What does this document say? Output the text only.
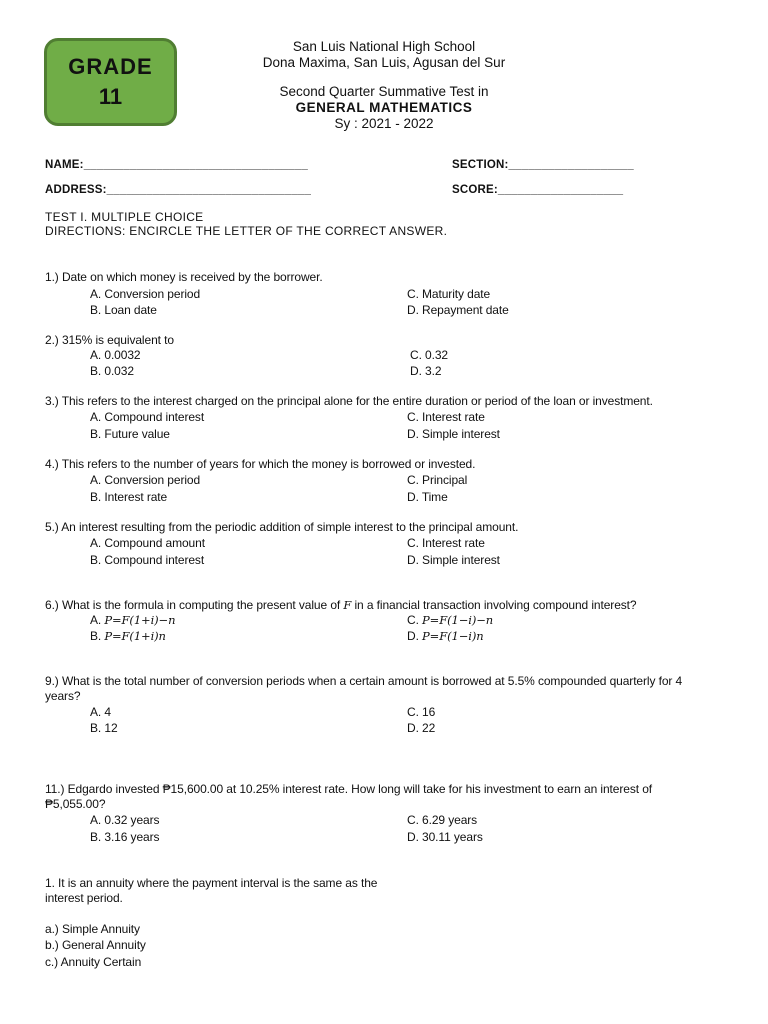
GRADE
11
San Luis National High School
Dona Maxima, San Luis, Agusan del Sur
Second Quarter Summative Test in
GENERAL MATHEMATICS
Sy : 2021 - 2022
NAME:__________________________________	SECTION:___________________
ADDRESS:_______________________________	SCORE:___________________
TEST I. MULTIPLE CHOICE
DIRECTIONS: ENCIRCLE THE LETTER OF THE CORRECT ANSWER.
1.) Date on which money is received by the borrower.
A. Conversion period	C. Maturity date
B. Loan date	D. Repayment date
2.) 315% is equivalent to
A. 0.0032	C. 0.32
B. 0.032	D. 3.2
3.) This refers to the interest charged on the principal alone for the entire duration or period of the loan or investment.
A. Compound interest	C. Interest rate
B. Future value	D. Simple interest
4.) This refers to the number of years for which the money is borrowed or invested.
A. Conversion period	C. Principal
B. Interest rate	D. Time
5.) An interest resulting from the periodic addition of simple interest to the principal amount.
A. Compound amount	C. Interest rate
B. Compound interest	D. Simple interest
6.) What is the formula in computing the present value of F in a financial transaction involving compound interest?
A. P=F(1+i)−n	C. P=F(1−i)−n
B. P=F(1+i)n	D. P=F(1−i)n
9.) What is the total number of conversion periods when a certain amount is borrowed at 5.5% compounded quarterly for 4
years?
A. 4	C. 16
B. 12	D. 22
11.) Edgardo invested ₱15,600.00 at 10.25% interest rate. How long will take for his investment to earn an interest of
₱5,055.00?
A. 0.32 years	C. 6.29 years
B. 3.16 years	D. 30.11 years
1. It is an annuity where the payment interval is the same as the
interest period.
a.) Simple Annuity
b.) General Annuity
c.) Annuity Certain
